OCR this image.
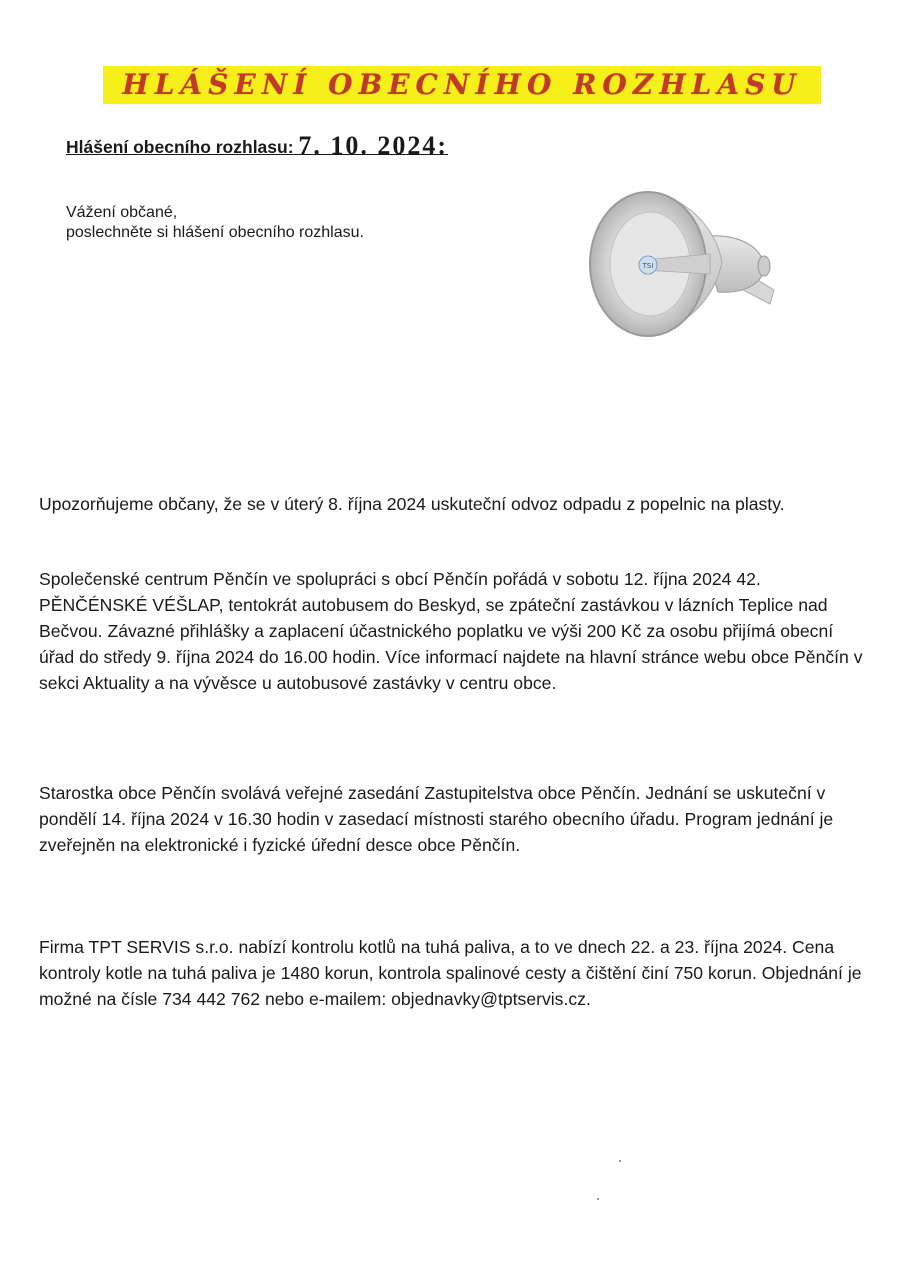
HLÁŠENÍ OBECNÍHO ROZHLASU
Hlášení obecního rozhlasu: 7. 10. 2024:
Vážení občané,
poslechněte si hlášení obecního rozhlasu.
TSI

Upozorňujeme občany, že se v úterý 8. října 2024 uskuteční odvoz odpadu z popelnic na plasty.

Společenské centrum Pěnčín ve spolupráci s obcí Pěnčín pořádá v sobotu 12. října 2024 42. PĚNČÉNSKÉ VÉŠLAP, tentokrát autobusem do Beskyd, se zpáteční zastávkou v lázních Teplice nad Bečvou. Závazné přihlášky a zaplacení účastnického poplatku ve výši 200 Kč za osobu přijímá obecní úřad do středy 9. října 2024 do 16.00 hodin. Více informací najdete na hlavní stránce webu obce Pěnčín v sekci Aktuality a na vývěsce u autobusové zastávky v centru obce.

Starostka obce Pěnčín svolává veřejné zasedání Zastupitelstva obce Pěnčín. Jednání se uskuteční v pondělí 14. října 2024 v 16.30 hodin v zasedací místnosti starého obecního úřadu. Program jednání je zveřejněn na elektronické i fyzické úřední desce obce Pěnčín.

Firma TPT SERVIS s.r.o. nabízí kontrolu kotlů na tuhá paliva, a to ve dnech 22. a 23. října 2024. Cena kontroly kotle na tuhá paliva je 1480 korun, kontrola spalinové cesty a čištění činí 750 korun. Objednání je možné na čísle 734 442 762 nebo e-mailem: objednavky@tptservis.cz.
